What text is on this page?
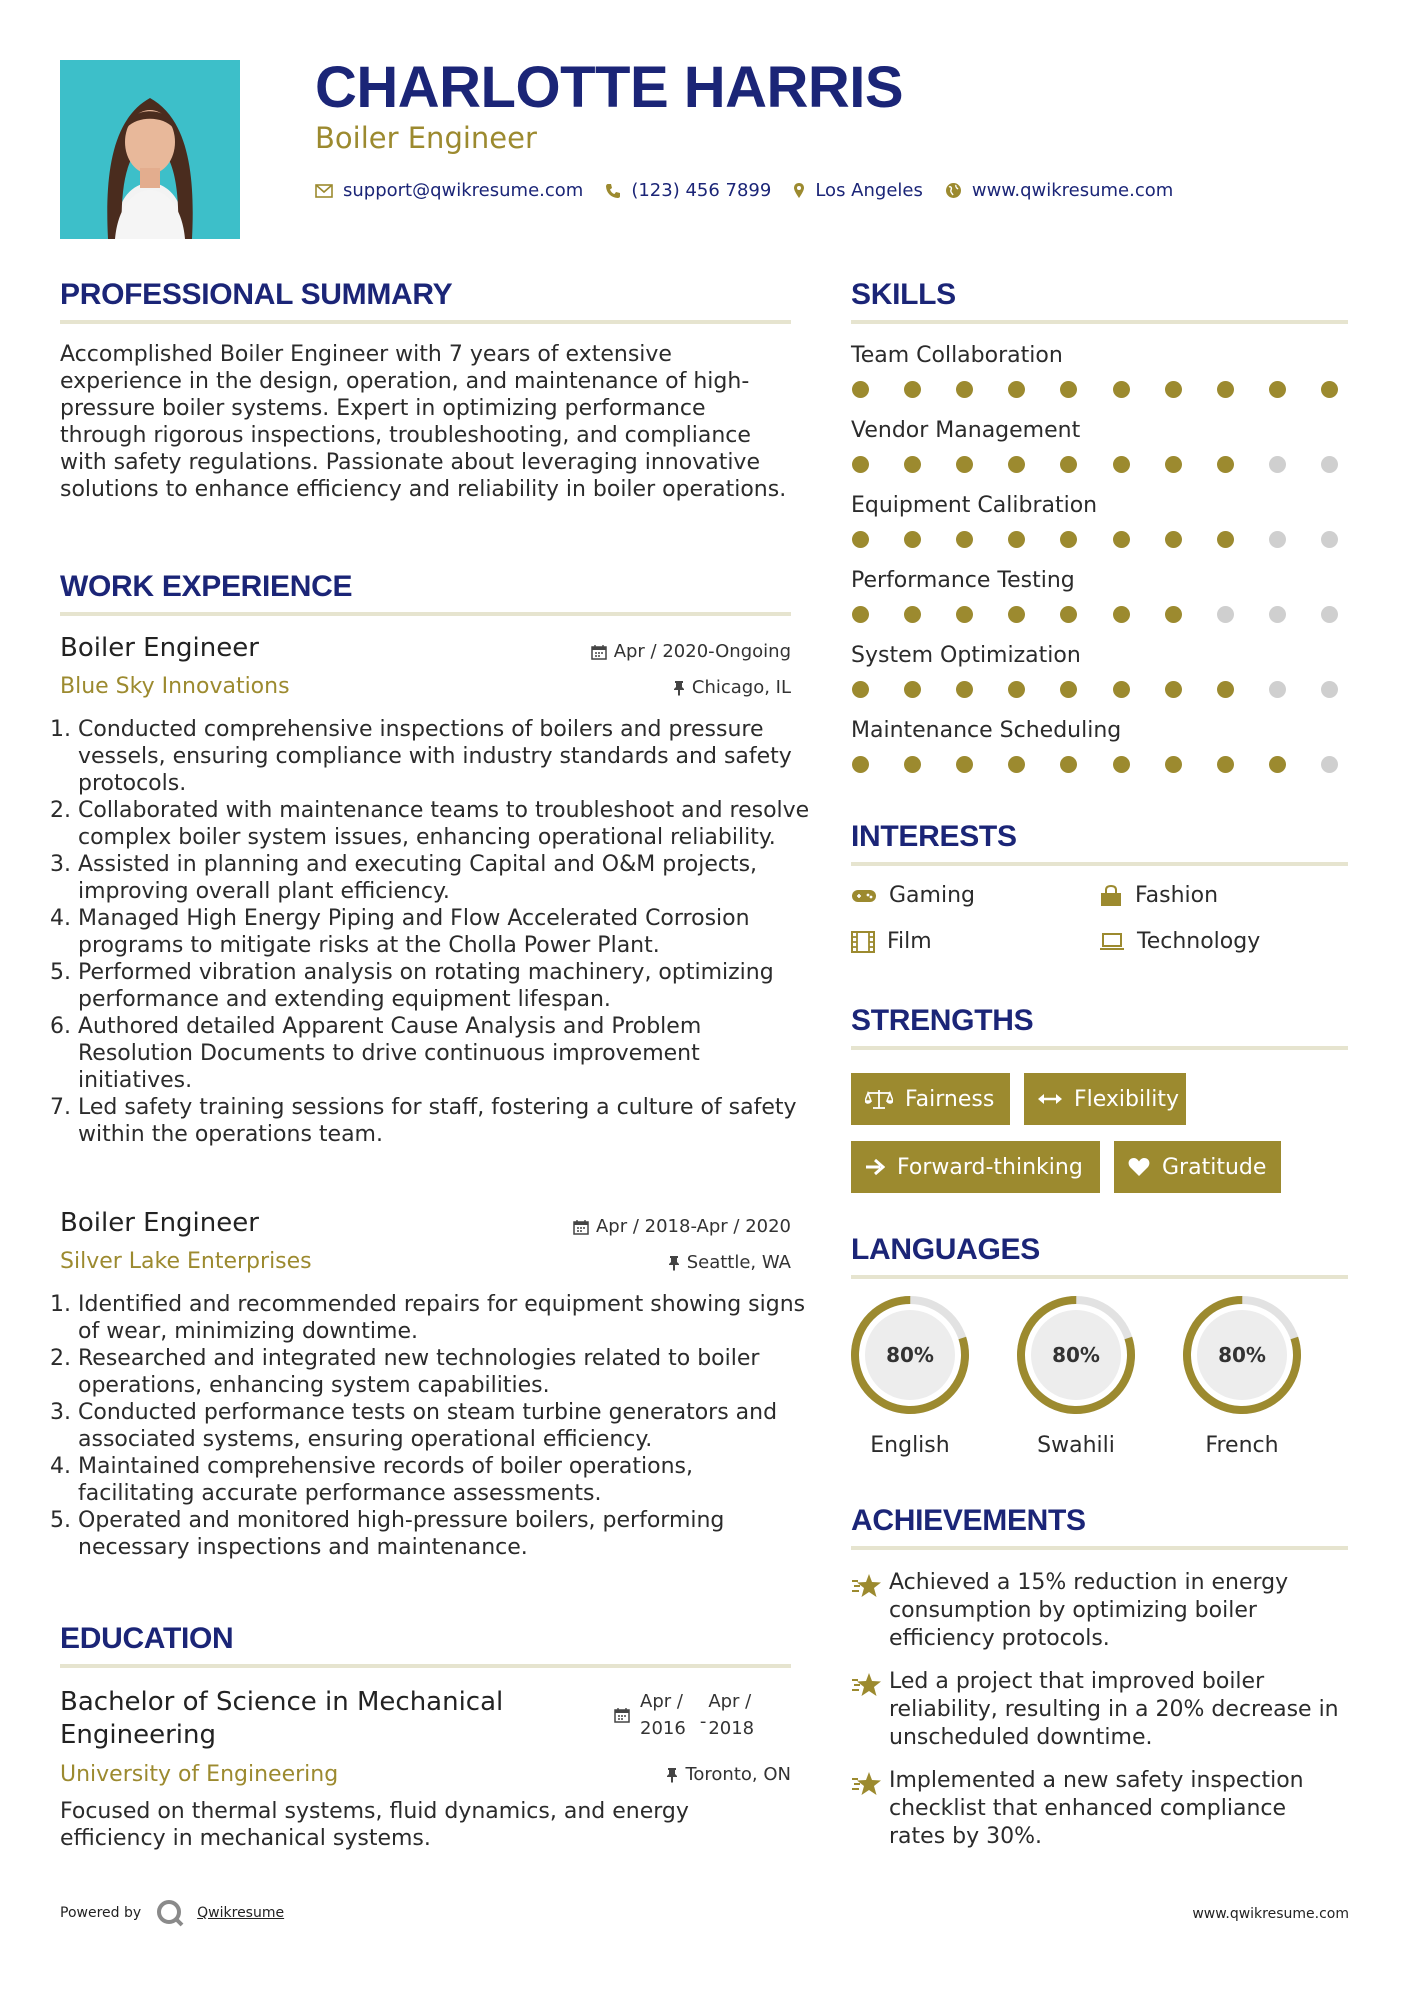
CHARLOTTE HARRIS
Boiler Engineer
support@qwikresume.com	(123) 456 7899 Los Angeles	www.qwikresume.com
PROFESSIONAL SUMMARY

Accomplished Boiler Engineer with 7 years of extensive experience in the design, operation, and maintenance of high-pressure boiler systems. Expert in optimizing performance through rigorous inspections, troubleshooting, and compliance with safety regulations. Passionate about leveraging innovative solutions to enhance efficiency and reliability in boiler operations.

WORK EXPERIENCE
Boiler Engineer	Apr / 2020-Ongoing
Blue Sky Innovations	Chicago, IL
1. Conducted comprehensive inspections of boilers and pressure vessels, ensuring compliance with industry standards and safety protocols.
2. Collaborated with maintenance teams to troubleshoot and resolve complex boiler system issues, enhancing operational reliability.
3. Assisted in planning and executing Capital and O&M projects, improving overall plant efficiency.
4. Managed High Energy Piping and Flow Accelerated Corrosion programs to mitigate risks at the Cholla Power Plant.
5. Performed vibration analysis on rotating machinery, optimizing performance and extending equipment lifespan.
6. Authored detailed Apparent Cause Analysis and Problem Resolution Documents to drive continuous improvement initiatives.
7. Led safety training sessions for staff, fostering a culture of safety within the operations team.
Boiler Engineer	Apr / 2018-Apr / 2020
Silver Lake Enterprises	Seattle, WA
1. Identified and recommended repairs for equipment showing signs of wear, minimizing downtime.
2. Researched and integrated new technologies related to boiler operations, enhancing system capabilities.
3. Conducted performance tests on steam turbine generators and associated systems, ensuring operational efficiency.
4. Maintained comprehensive records of boiler operations, facilitating accurate performance assessments.
5. Operated and monitored high-pressure boilers, performing necessary inspections and maintenance.
EDUCATION
Bachelor of Science in Mechanical
Engineering
Apr /
2016 -
Apr /
2018
University of Engineering	Toronto, ON

Focused on thermal systems, fluid dynamics, and energy efficiency in mechanical systems.

SKILLS
Team Collaboration
Vendor Management
Equipment Calibration
Performance Testing
System Optimization
Maintenance Scheduling
INTERESTS
Gaming	Fashion
Film	Technology
STRENGTHS
Fairness	Flexibility
Forward-thinking	Gratitude
LANGUAGES
80%
English
80%
Swahili
80%
French
ACHIEVEMENTS
Achieved a 15% reduction in energy consumption by optimizing boiler efficiency protocols.
Led a project that improved boiler reliability, resulting in a 20% decrease in unscheduled downtime.
Implemented a new safety inspection checklist that enhanced compliance rates by 30%.
Powered by	Qwikresume	www.qwikresume.com
